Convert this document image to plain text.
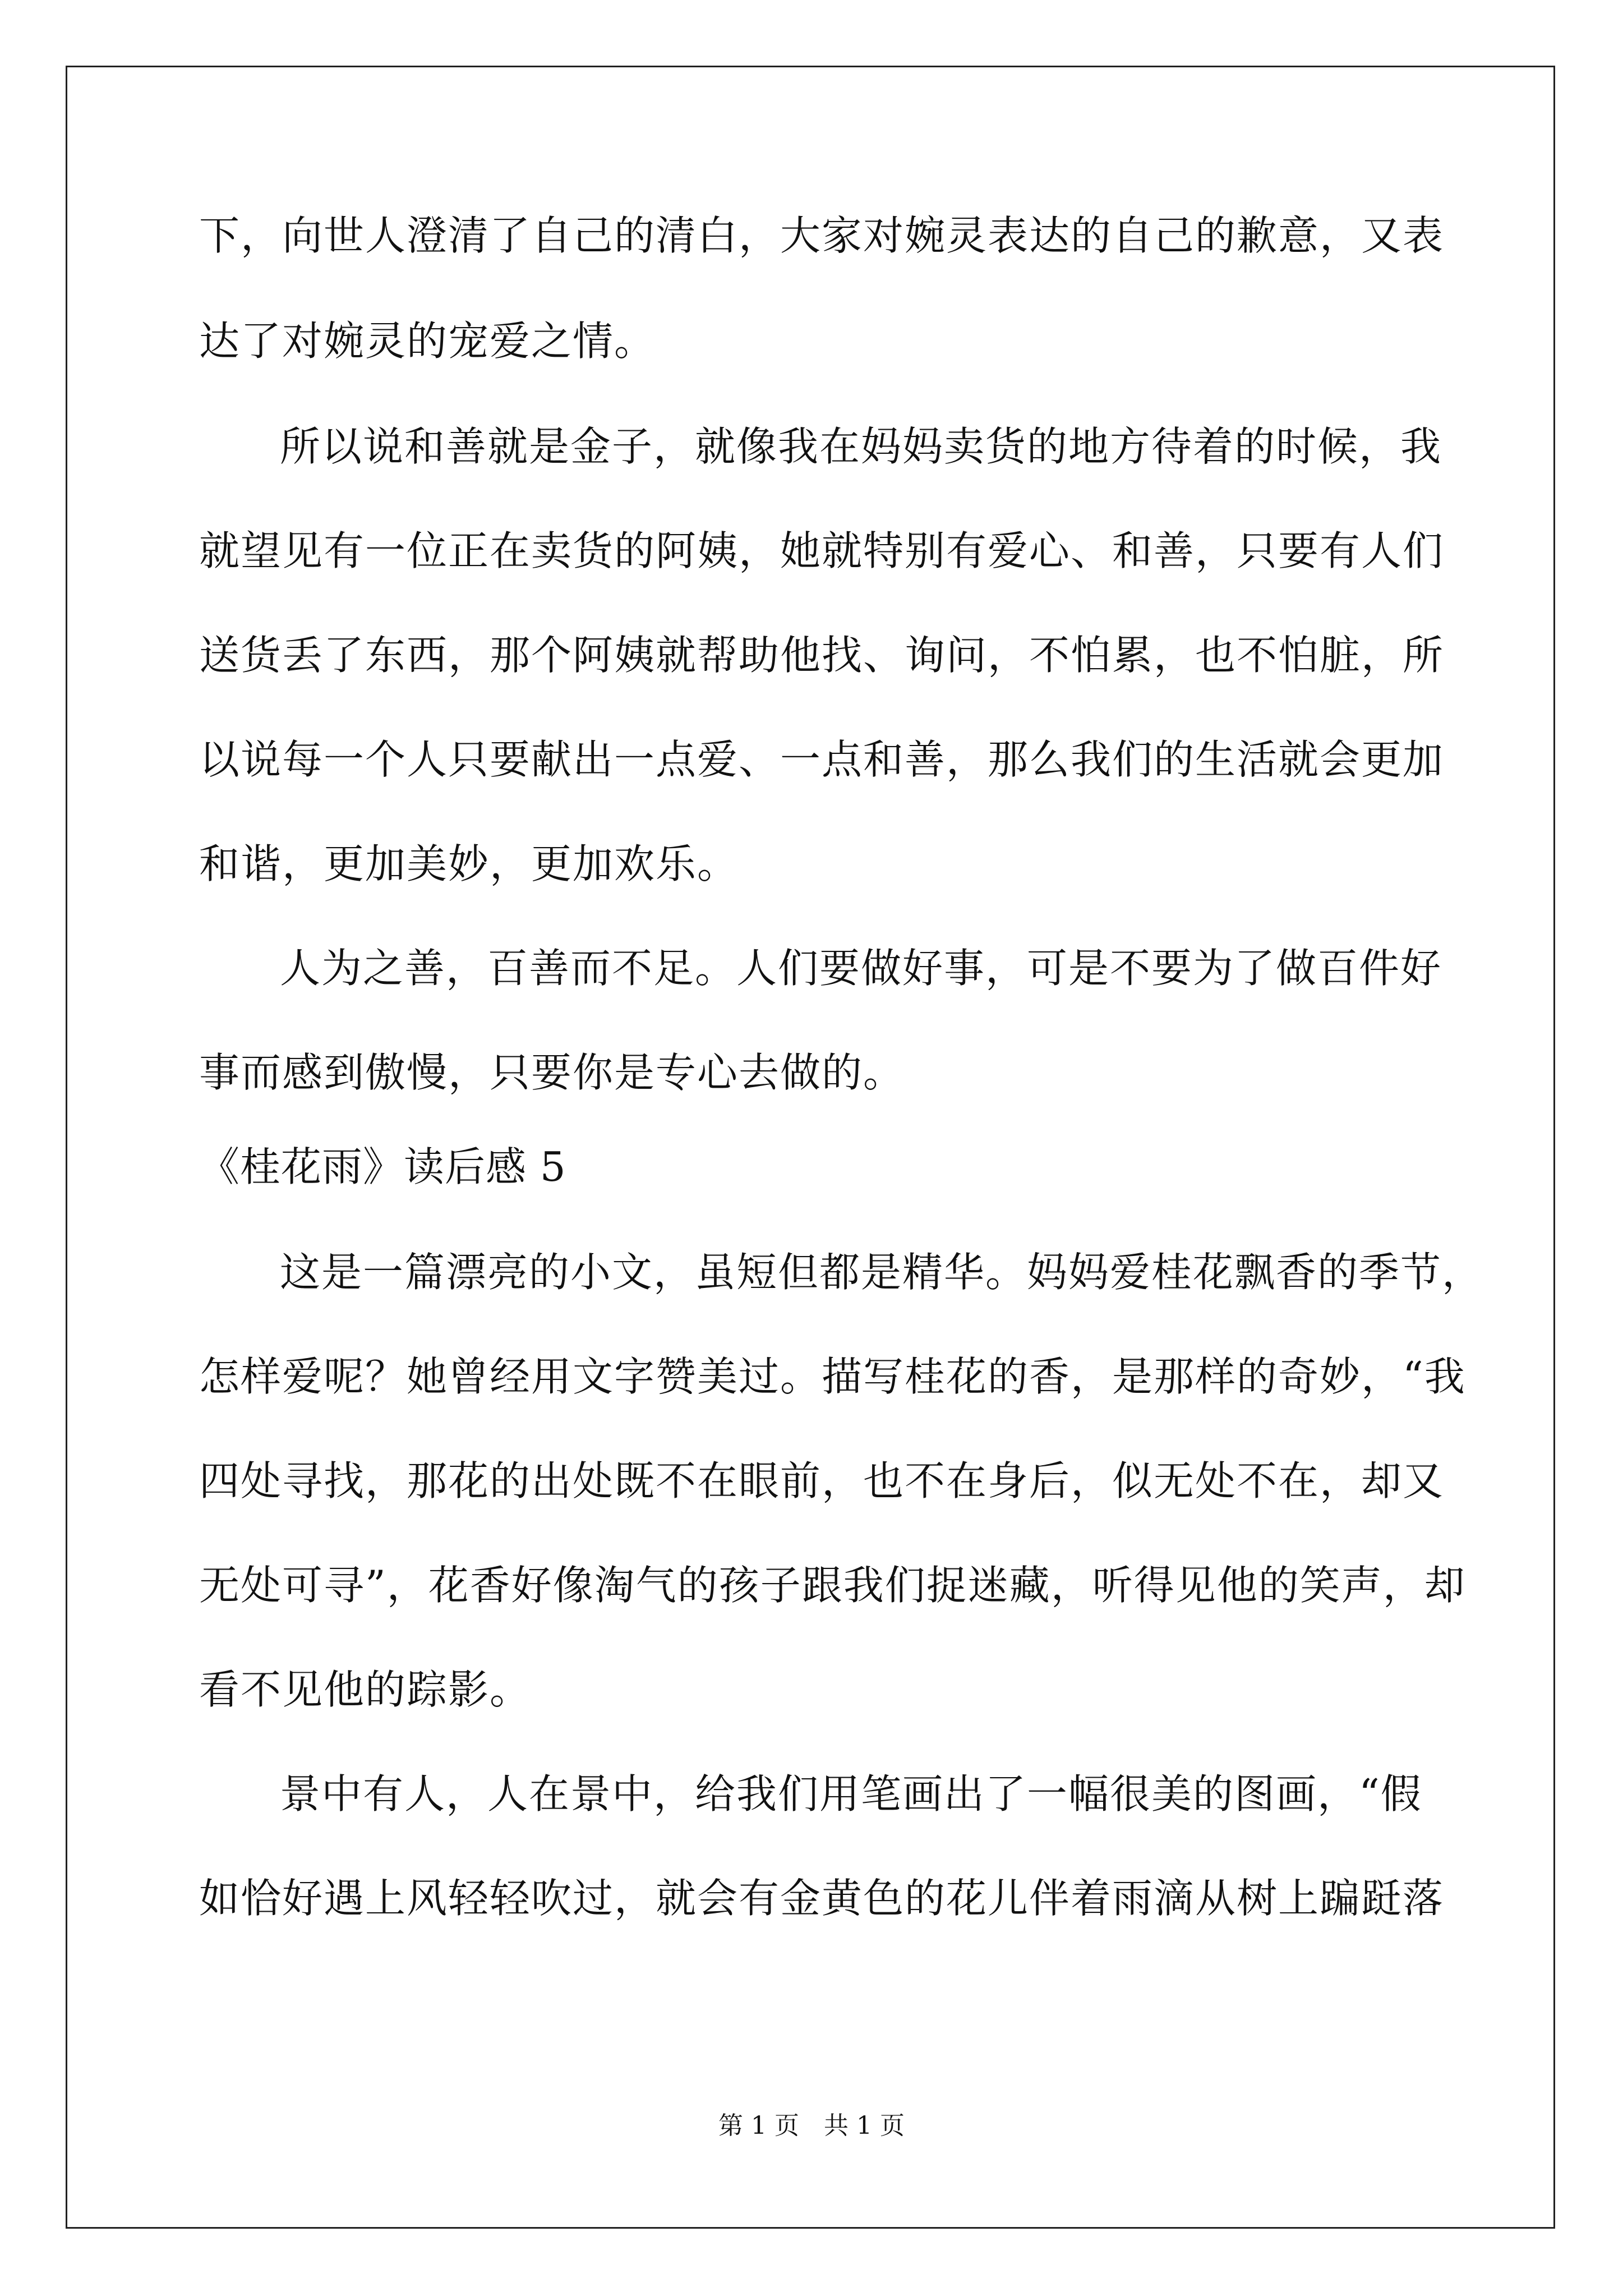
下，向世人澄清了自己的清白，大家对婉灵表达的自己的歉意，又表
达了对婉灵的宠爱之情。
所以说和善就是金子，就像我在妈妈卖货的地方待着的时候，我
就望见有一位正在卖货的阿姨，她就特别有爱心、和善，只要有人们
送货丢了东西，那个阿姨就帮助他找、询问，不怕累，也不怕脏，所
以说每一个人只要献出一点爱、一点和善，那么我们的生活就会更加
和谐，更加美妙，更加欢乐。
人为之善，百善而不足。人们要做好事，可是不要为了做百件好
事而感到傲慢，只要你是专心去做的。
《桂花雨》读后感 5
这是一篇漂亮的小文，虽短但都是精华。妈妈爱桂花飘香的季节，
怎样爱呢？她曾经用文字赞美过。描写桂花的香，是那样的奇妙，“我
四处寻找，那花的出处既不在眼前，也不在身后，似无处不在，却又
无处可寻”，花香好像淘气的孩子跟我们捉迷藏，听得见他的笑声，却
看不见他的踪影。
景中有人，人在景中，给我们用笔画出了一幅很美的图画，“假
如恰好遇上风轻轻吹过，就会有金黄色的花儿伴着雨滴从树上蹁跹落
第 1 页　共 1 页
